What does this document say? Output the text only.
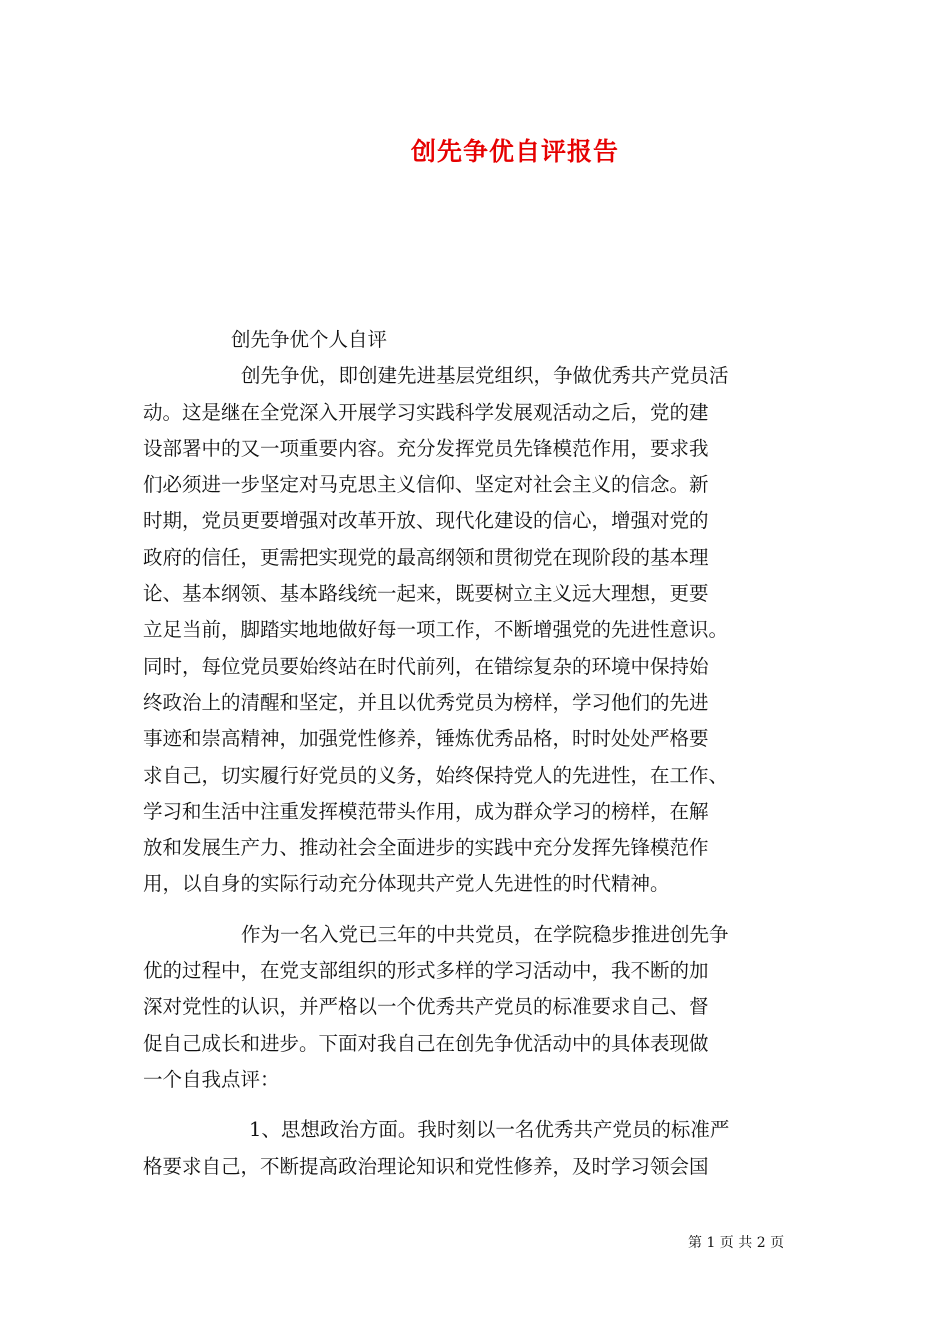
创先争优自评报告
创先争优个人自评
创先争优，即创建先进基层党组织，争做优秀共产党员活
动。这是继在全党深入开展学习实践科学发展观活动之后，党的建
设部署中的又一项重要内容。充分发挥党员先锋模范作用，要求我
们必须进一步坚定对马克思主义信仰、坚定对社会主义的信念。新
时期，党员更要增强对改革开放、现代化建设的信心，增强对党的
政府的信任，更需把实现党的最高纲领和贯彻党在现阶段的基本理
论、基本纲领、基本路线统一起来，既要树立主义远大理想，更要
立足当前，脚踏实地地做好每一项工作，不断增强党的先进性意识。
同时，每位党员要始终站在时代前列，在错综复杂的环境中保持始
终政治上的清醒和坚定，并且以优秀党员为榜样，学习他们的先进
事迹和崇高精神，加强党性修养，锤炼优秀品格，时时处处严格要
求自己，切实履行好党员的义务，始终保持党人的先进性，在工作、
学习和生活中注重发挥模范带头作用，成为群众学习的榜样，在解
放和发展生产力、推动社会全面进步的实践中充分发挥先锋模范作
用，以自身的实际行动充分体现共产党人先进性的时代精神。
作为一名入党已三年的中共党员，在学院稳步推进创先争
优的过程中，在党支部组织的形式多样的学习活动中，我不断的加
深对党性的认识，并严格以一个优秀共产党员的标准要求自己、督
促自己成长和进步。下面对我自己在创先争优活动中的具体表现做
一个自我点评：
1、思想政治方面。我时刻以一名优秀共产党员的标准严
格要求自己，不断提高政治理论知识和党性修养，及时学习领会国
第 1 页 共 2 页
